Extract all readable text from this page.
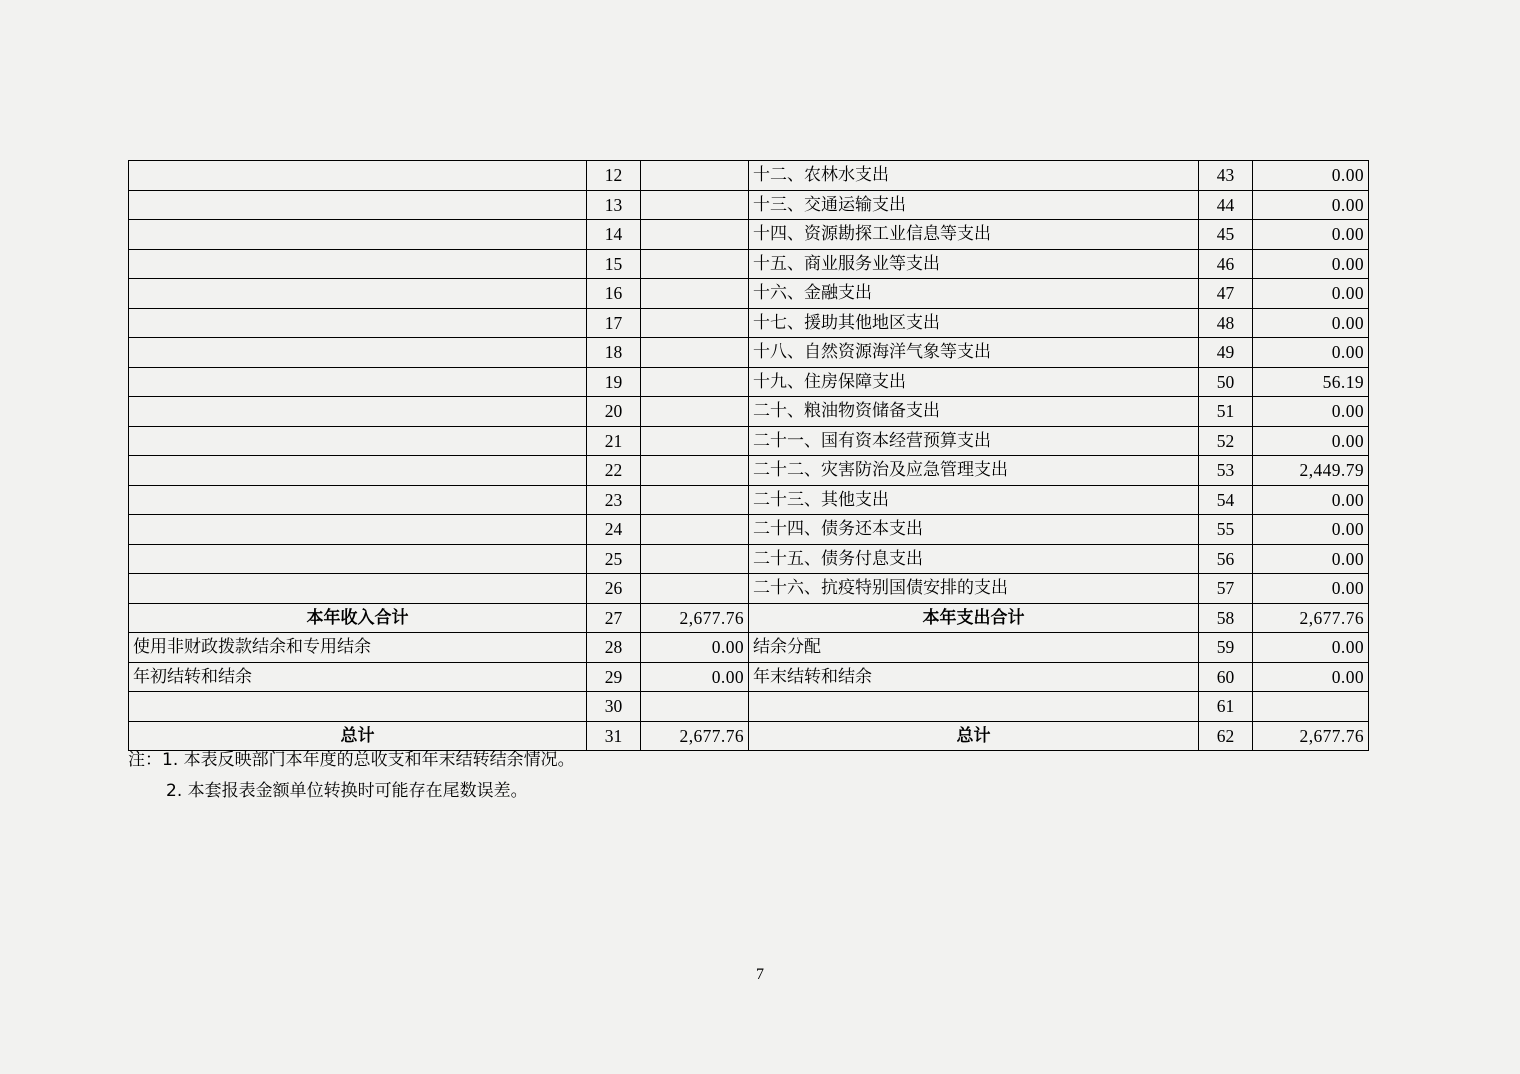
	12		十二、农林水支出	43	0.00
	13		十三、交通运输支出	44	0.00
	14		十四、资源勘探工业信息等支出	45	0.00
	15		十五、商业服务业等支出	46	0.00
	16		十六、金融支出	47	0.00
	17		十七、援助其他地区支出	48	0.00
	18		十八、自然资源海洋气象等支出	49	0.00
	19		十九、住房保障支出	50	56.19
	20		二十、粮油物资储备支出	51	0.00
	21		二十一、国有资本经营预算支出	52	0.00
	22		二十二、灾害防治及应急管理支出	53	2,449.79
	23		二十三、其他支出	54	0.00
	24		二十四、债务还本支出	55	0.00
	25		二十五、债务付息支出	56	0.00
	26		二十六、抗疫特别国债安排的支出	57	0.00
本年收入合计	27	2,677.76	本年支出合计	58	2,677.76
使用非财政拨款结余和专用结余	28	0.00	结余分配	59	0.00
年初结转和结余	29	0.00	年末结转和结余	60	0.00
	30			61	
总计	31	2,677.76	总计	62	2,677.76
注：1. 本表反映部门本年度的总收支和年末结转结余情况。
2. 本套报表金额单位转换时可能存在尾数误差。
7
